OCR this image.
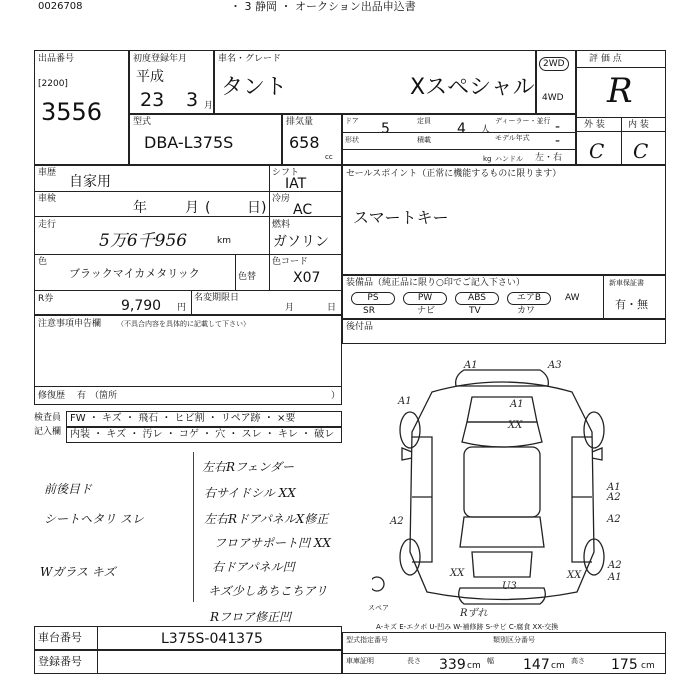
0026708	・ 3 静岡 ・ オークション出品申込書
出品番号
[2200]
3556
初度登録年月
平成
23 3 月
車名・グレード
タント	Xスペシャル
2WD
4WD
評 価 点
R
外 装	内 装
C C
型式
DBA-L375S
排気量
658
cc
ドア 5	定員 4 人
ディーラー・並行 -
形状	積載	モデル年式 -
kg ハンドル 左・右
車歴
自家用
シフト
IAT
車検
年	月 (	日 )
冷房
AC
走行
5万6千956	km
燃料
ガソリン
色
ブラックマイカメタリック	色替
色コード
X07
R券	9,790 円
名変期限日
月	日
注意事項申告欄 （不具合内容を具体的に記載して下さい）
修復歴 有 （箇所	）
検査員
記入欄
FW ・ キズ ・ 飛石 ・ ヒビ割 ・ リペア跡 ・ ×要
内装 ・ キズ ・ 汚レ ・ コゲ ・ 穴 ・ スレ ・ キレ ・ 破レ
前後目ド
シートヘタリ スレ
Wガラス キズ
左右Rフェンダー
右サイドシル XX
左右RドアパネルX修正
フロアサポート凹 XX
右ドアパネル凹
キズ少しあちこちアリ
Rフロア修正凹
セールスポイント（正常に機能するものに限ります）
スマートキー
装備品（純正品に限り○印でご記入下さい）	新車保証書
有・無
PS	PW	ABS	エアB	AW
SR	ナビ	TV	カワ
後付品
A1	A3
A1	A1
XX
A2
A1
A2
XX
A2
U3
XX
A2
A1
Rずれ
スペア
A-キズ E-エクボ U-凹み W-補修跡 S-サビ C-腐食 XX-交換
車台番号	L375S-041375
登録番号
型式指定番号	類別区分番号
車庫証明	長さ 339 cm 幅 147 cm 高さ 175 cm
